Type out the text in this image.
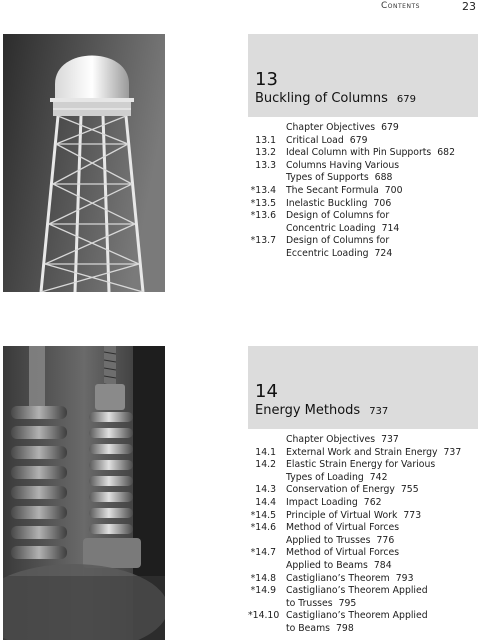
Contents	23
13
Buckling of Columns 679
Chapter Objectives 679
13.1 Critical Load 679
13.2 Ideal Column with Pin Supports 682
13.3 Columns Having Various
Types of Supports 688
*13.4 The Secant Formula 700
*13.5 Inelastic Buckling 706
*13.6 Design of Columns for
Concentric Loading 714
*13.7 Design of Columns for
Eccentric Loading 724
14
Energy Methods 737
Chapter Objectives 737
14.1 External Work and Strain Energy 737
14.2 Elastic Strain Energy for Various
Types of Loading 742
14.3 Conservation of Energy 755
14.4 Impact Loading 762
*14.5 Principle of Virtual Work 773
*14.6 Method of Virtual Forces
Applied to Trusses 776
*14.7 Method of Virtual Forces
Applied to Beams 784
*14.8 Castigliano’s Theorem 793
*14.9 Castigliano’s Theorem Applied
to Trusses 795
*14.10 Castigliano’s Theorem Applied
to Beams 798
